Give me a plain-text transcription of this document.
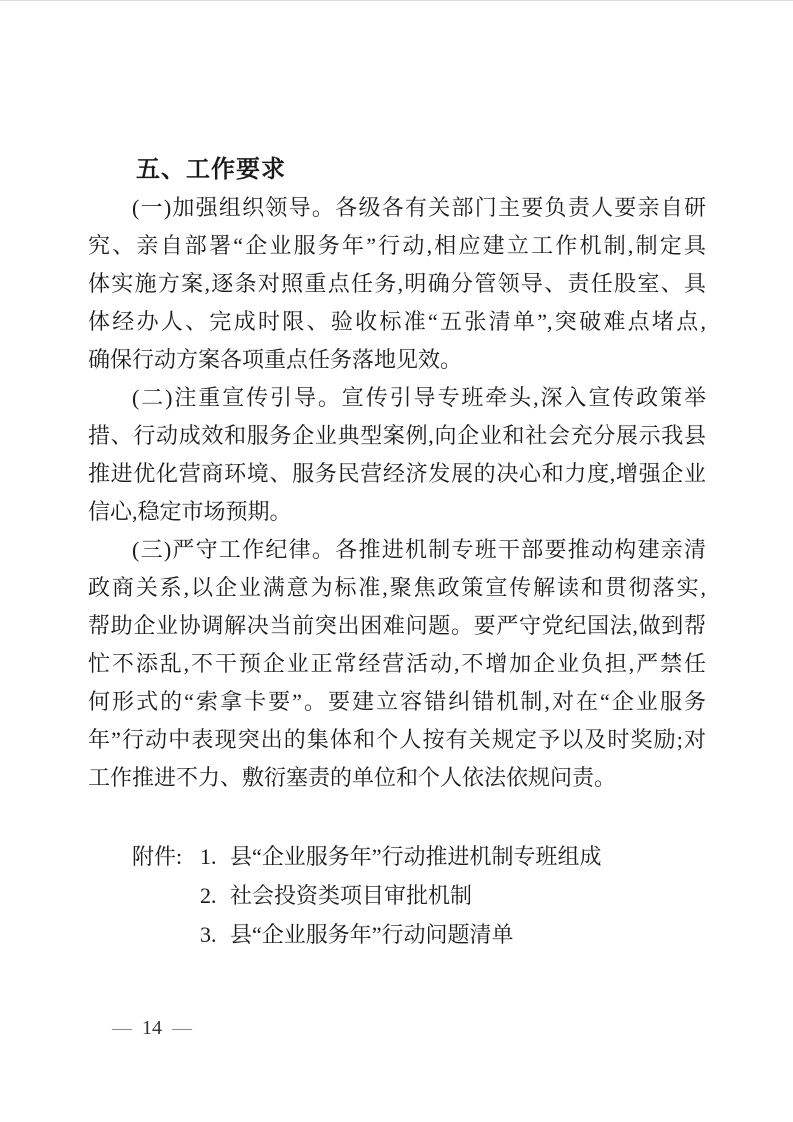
五、工作要求
(一)加强组织领导。各级各有关部门主要负责人要亲自研
究、亲自部署“企业服务年”行动,相应建立工作机制,制定具
体实施方案,逐条对照重点任务,明确分管领导、责任股室、具
体经办人、完成时限、验收标准“五张清单”,突破难点堵点,
确保行动方案各项重点任务落地见效。
(二)注重宣传引导。宣传引导专班牵头,深入宣传政策举
措、行动成效和服务企业典型案例,向企业和社会充分展示我县
推进优化营商环境、服务民营经济发展的决心和力度,增强企业
信心,稳定市场预期。
(三)严守工作纪律。各推进机制专班干部要推动构建亲清
政商关系,以企业满意为标准,聚焦政策宣传解读和贯彻落实,
帮助企业协调解决当前突出困难问题。要严守党纪国法,做到帮
忙不添乱,不干预企业正常经营活动,不增加企业负担,严禁任
何形式的“索拿卡要”。要建立容错纠错机制,对在“企业服务
年”行动中表现突出的集体和个人按有关规定予以及时奖励;对
工作推进不力、敷衍塞责的单位和个人依法依规问责。
附件: 1. 县“企业服务年”行动推进机制专班组成
2. 社会投资类项目审批机制
3. 县“企业服务年”行动问题清单
— 14 —
